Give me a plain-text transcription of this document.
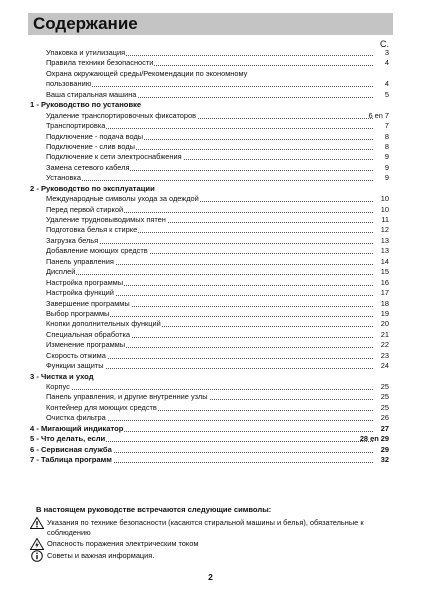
Содержание
С.
Упаковка и утилизация	3
Правила техники безопасности	4
Охрана окружающей среды/Рекомендации по экономному
пользованию	4
Ваша стиральная машина	5
1 - Руководство по установке
Удаление транспортировочных фиксаторов	6 en 7
Транспортировка	7
Подключение - подача воды	8
Подключение - слив воды	8
Подключение к сети электроснабжения	9
Замена сетевого кабеля	9
Установка	9
2 - Руководство по эксплуатации
Международные символы ухода за одеждой	10
Перед первой стиркой	10
Удаление трудновыводимых пятен	11
Подготовка белья к стирке	12
Загрузка белья	13
Добавление моющих средств	13
Панель управления	14
Дисплей	15
Настройка программы	16
Настройка функций	17
Завершение программы	18
Выбор программы	19
Кнопки дополнительных функций	20
Специальная обработка	21
Изменение программы	22
Скорость отжима	23
Функции защиты	24
3 - Чистка и уход
Корпус	25
Панель управления, и другие внутренние узлы	25
Контейнер для моющих средств	25
Очистка фильтра	26
4 - Мигающий индикатор	27
5 - Что делать, если	28 en 29
6 - Сервисная служба	29
7 - Таблица программ	32
В настоящем руководстве встречаются следующие символы:
Указания по технике безопасности (касаются стиральной машины и белья), обязательные к соблюдению
Опасность поражения электрическим током
Советы и важная информация.
2
